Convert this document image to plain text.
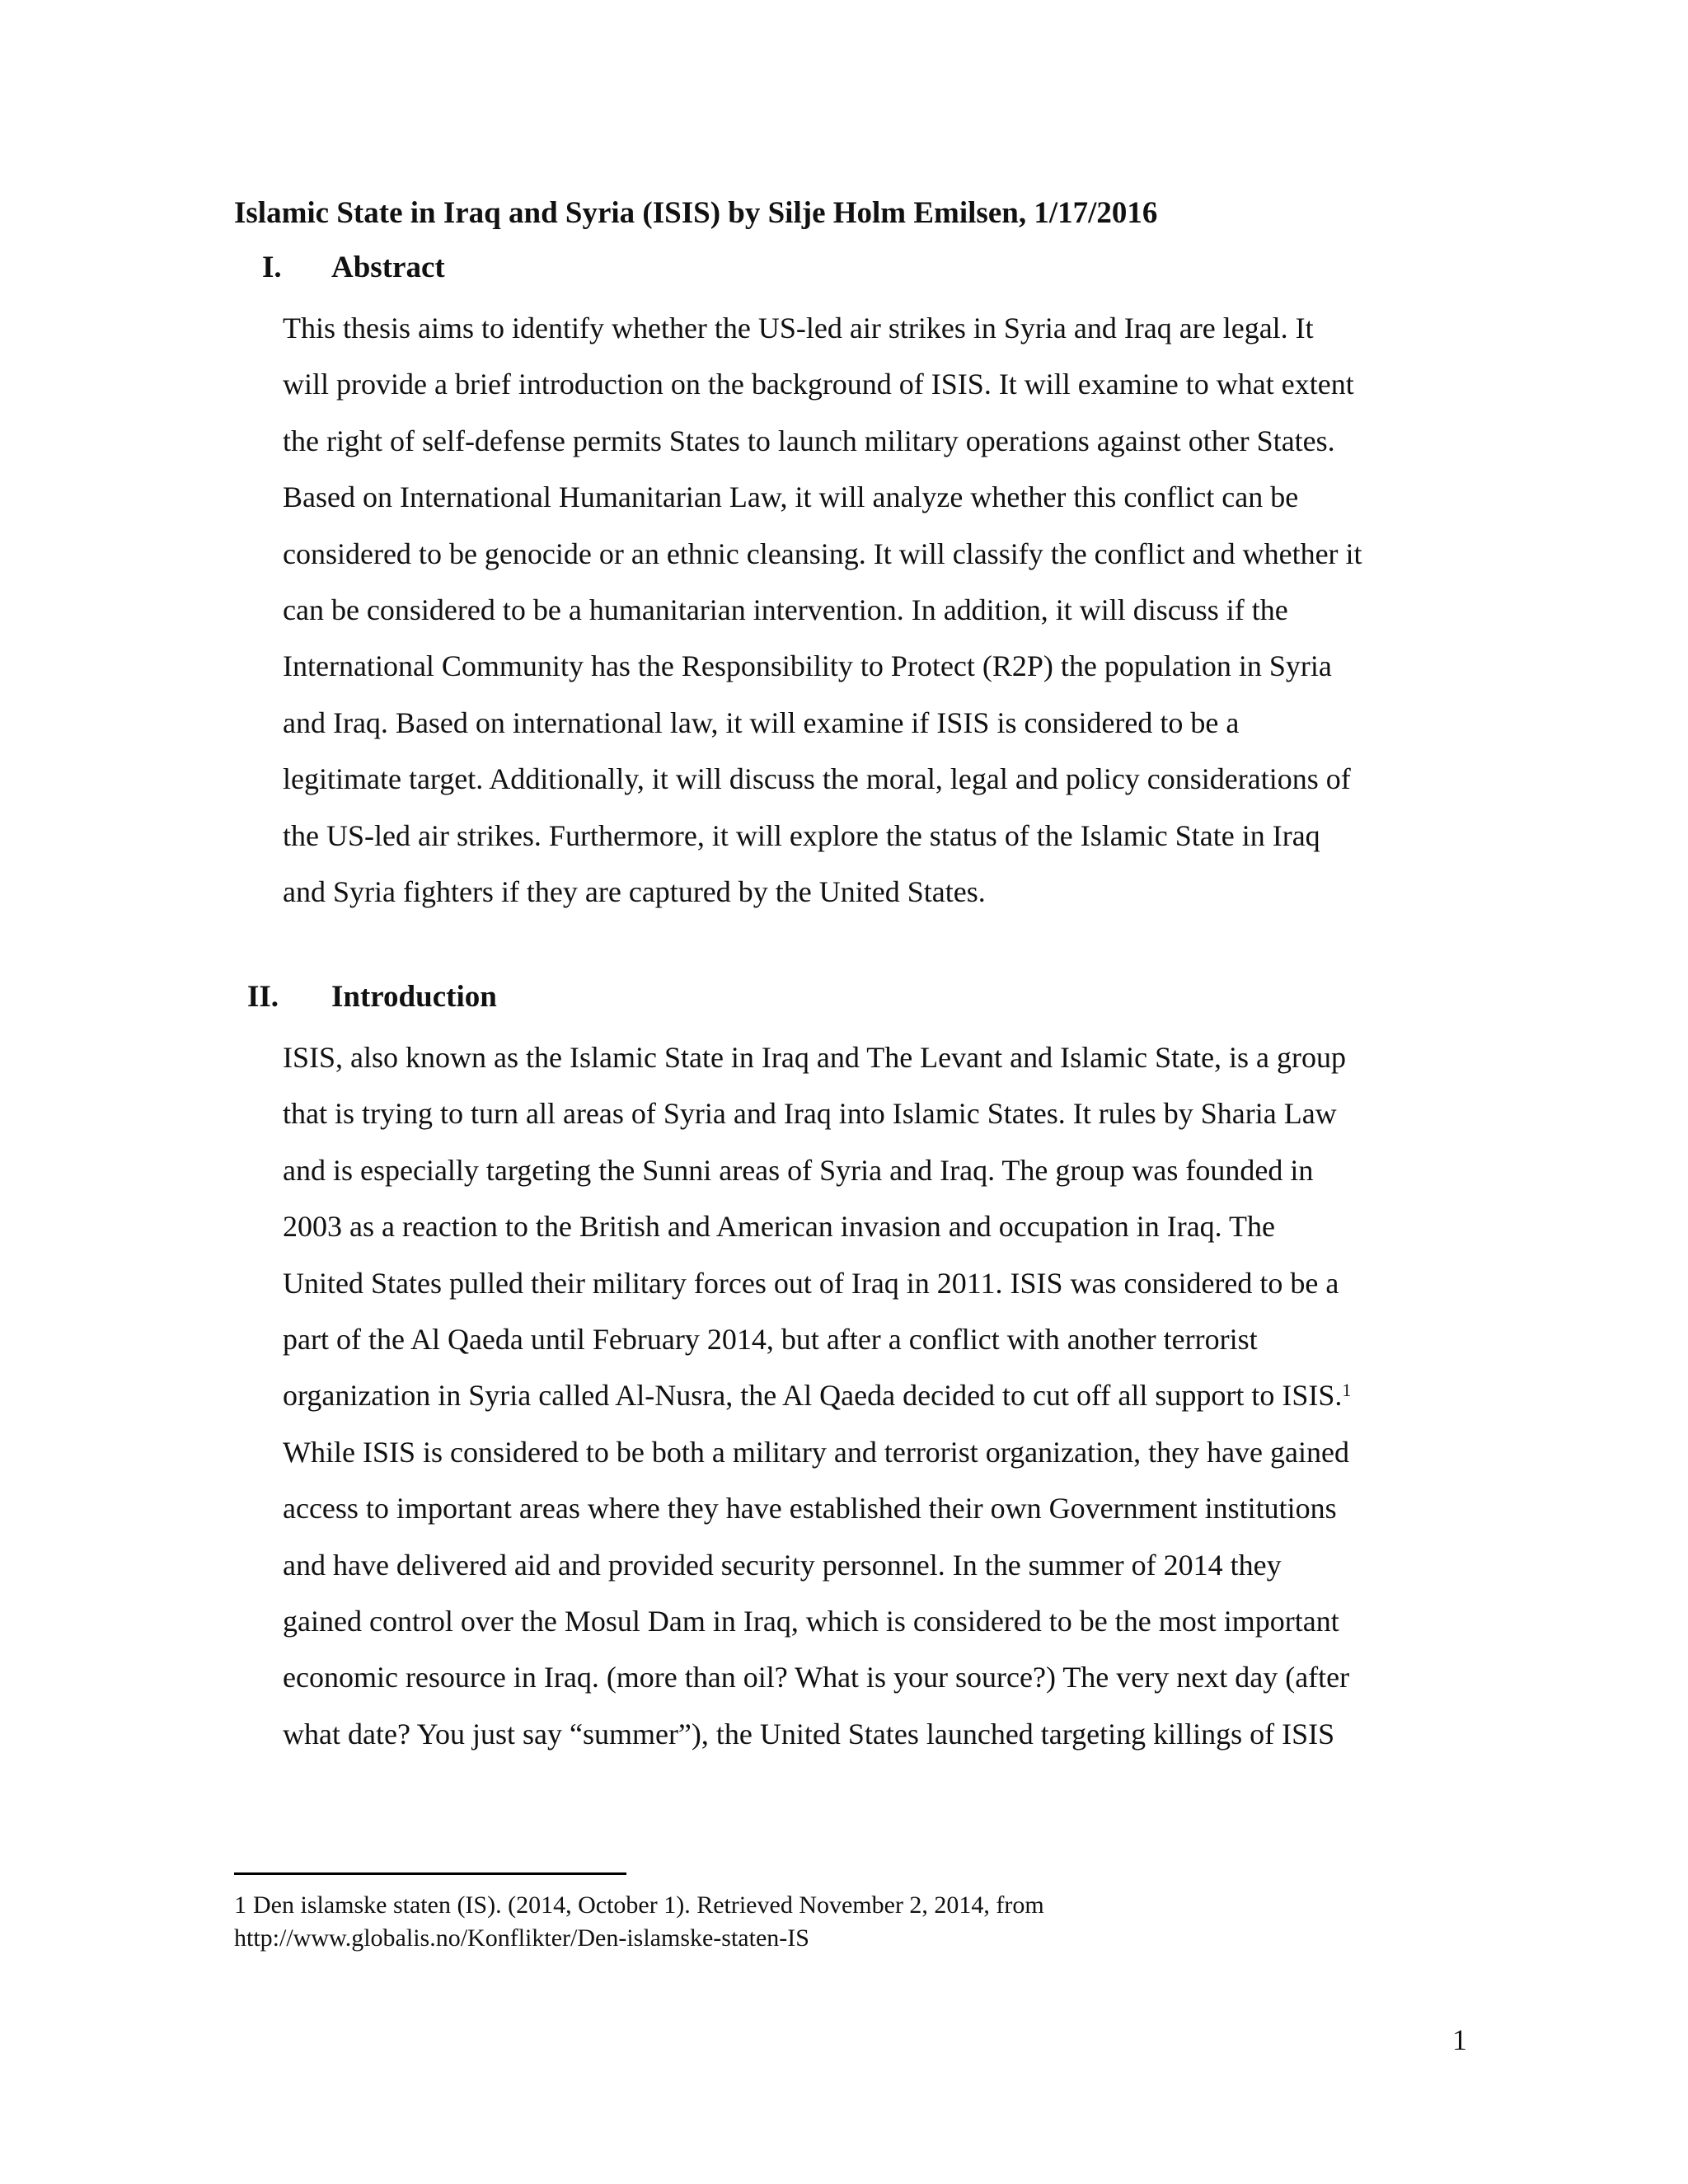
Islamic State in Iraq and Syria (ISIS) by Silje Holm Emilsen, 1/17/2016
I. Abstract
This thesis aims to identify whether the US-led air strikes in Syria and Iraq are legal. It
will provide a brief introduction on the background of ISIS. It will examine to what extent
the right of self-defense permits States to launch military operations against other States.
Based on International Humanitarian Law, it will analyze whether this conflict can be
considered to be genocide or an ethnic cleansing. It will classify the conflict and whether it
can be considered to be a humanitarian intervention. In addition, it will discuss if the
International Community has the Responsibility to Protect (R2P) the population in Syria
and Iraq. Based on international law, it will examine if ISIS is considered to be a
legitimate target. Additionally, it will discuss the moral, legal and policy considerations of
the US-led air strikes. Furthermore, it will explore the status of the Islamic State in Iraq
and Syria fighters if they are captured by the United States.
II. Introduction
ISIS, also known as the Islamic State in Iraq and The Levant and Islamic State, is a group
that is trying to turn all areas of Syria and Iraq into Islamic States. It rules by Sharia Law
and is especially targeting the Sunni areas of Syria and Iraq. The group was founded in
2003 as a reaction to the British and American invasion and occupation in Iraq. The
United States pulled their military forces out of Iraq in 2011. ISIS was considered to be a
part of the Al Qaeda until February 2014, but after a conflict with another terrorist
organization in Syria called Al-Nusra, the Al Qaeda decided to cut off all support to ISIS.$^1$
While ISIS is considered to be both a military and terrorist organization, they have gained
access to important areas where they have established their own Government institutions
and have delivered aid and provided security personnel. In the summer of 2014 they
gained control over the Mosul Dam in Iraq, which is considered to be the most important
economic resource in Iraq. (more than oil? What is your source?) The very next day (after
what date? You just say “summer”), the United States launched targeting killings of ISIS
1 Den islamske staten (IS). (2014, October 1). Retrieved November 2, 2014, from
http://www.globalis.no/Konflikter/Den-islamske-staten-IS
1
